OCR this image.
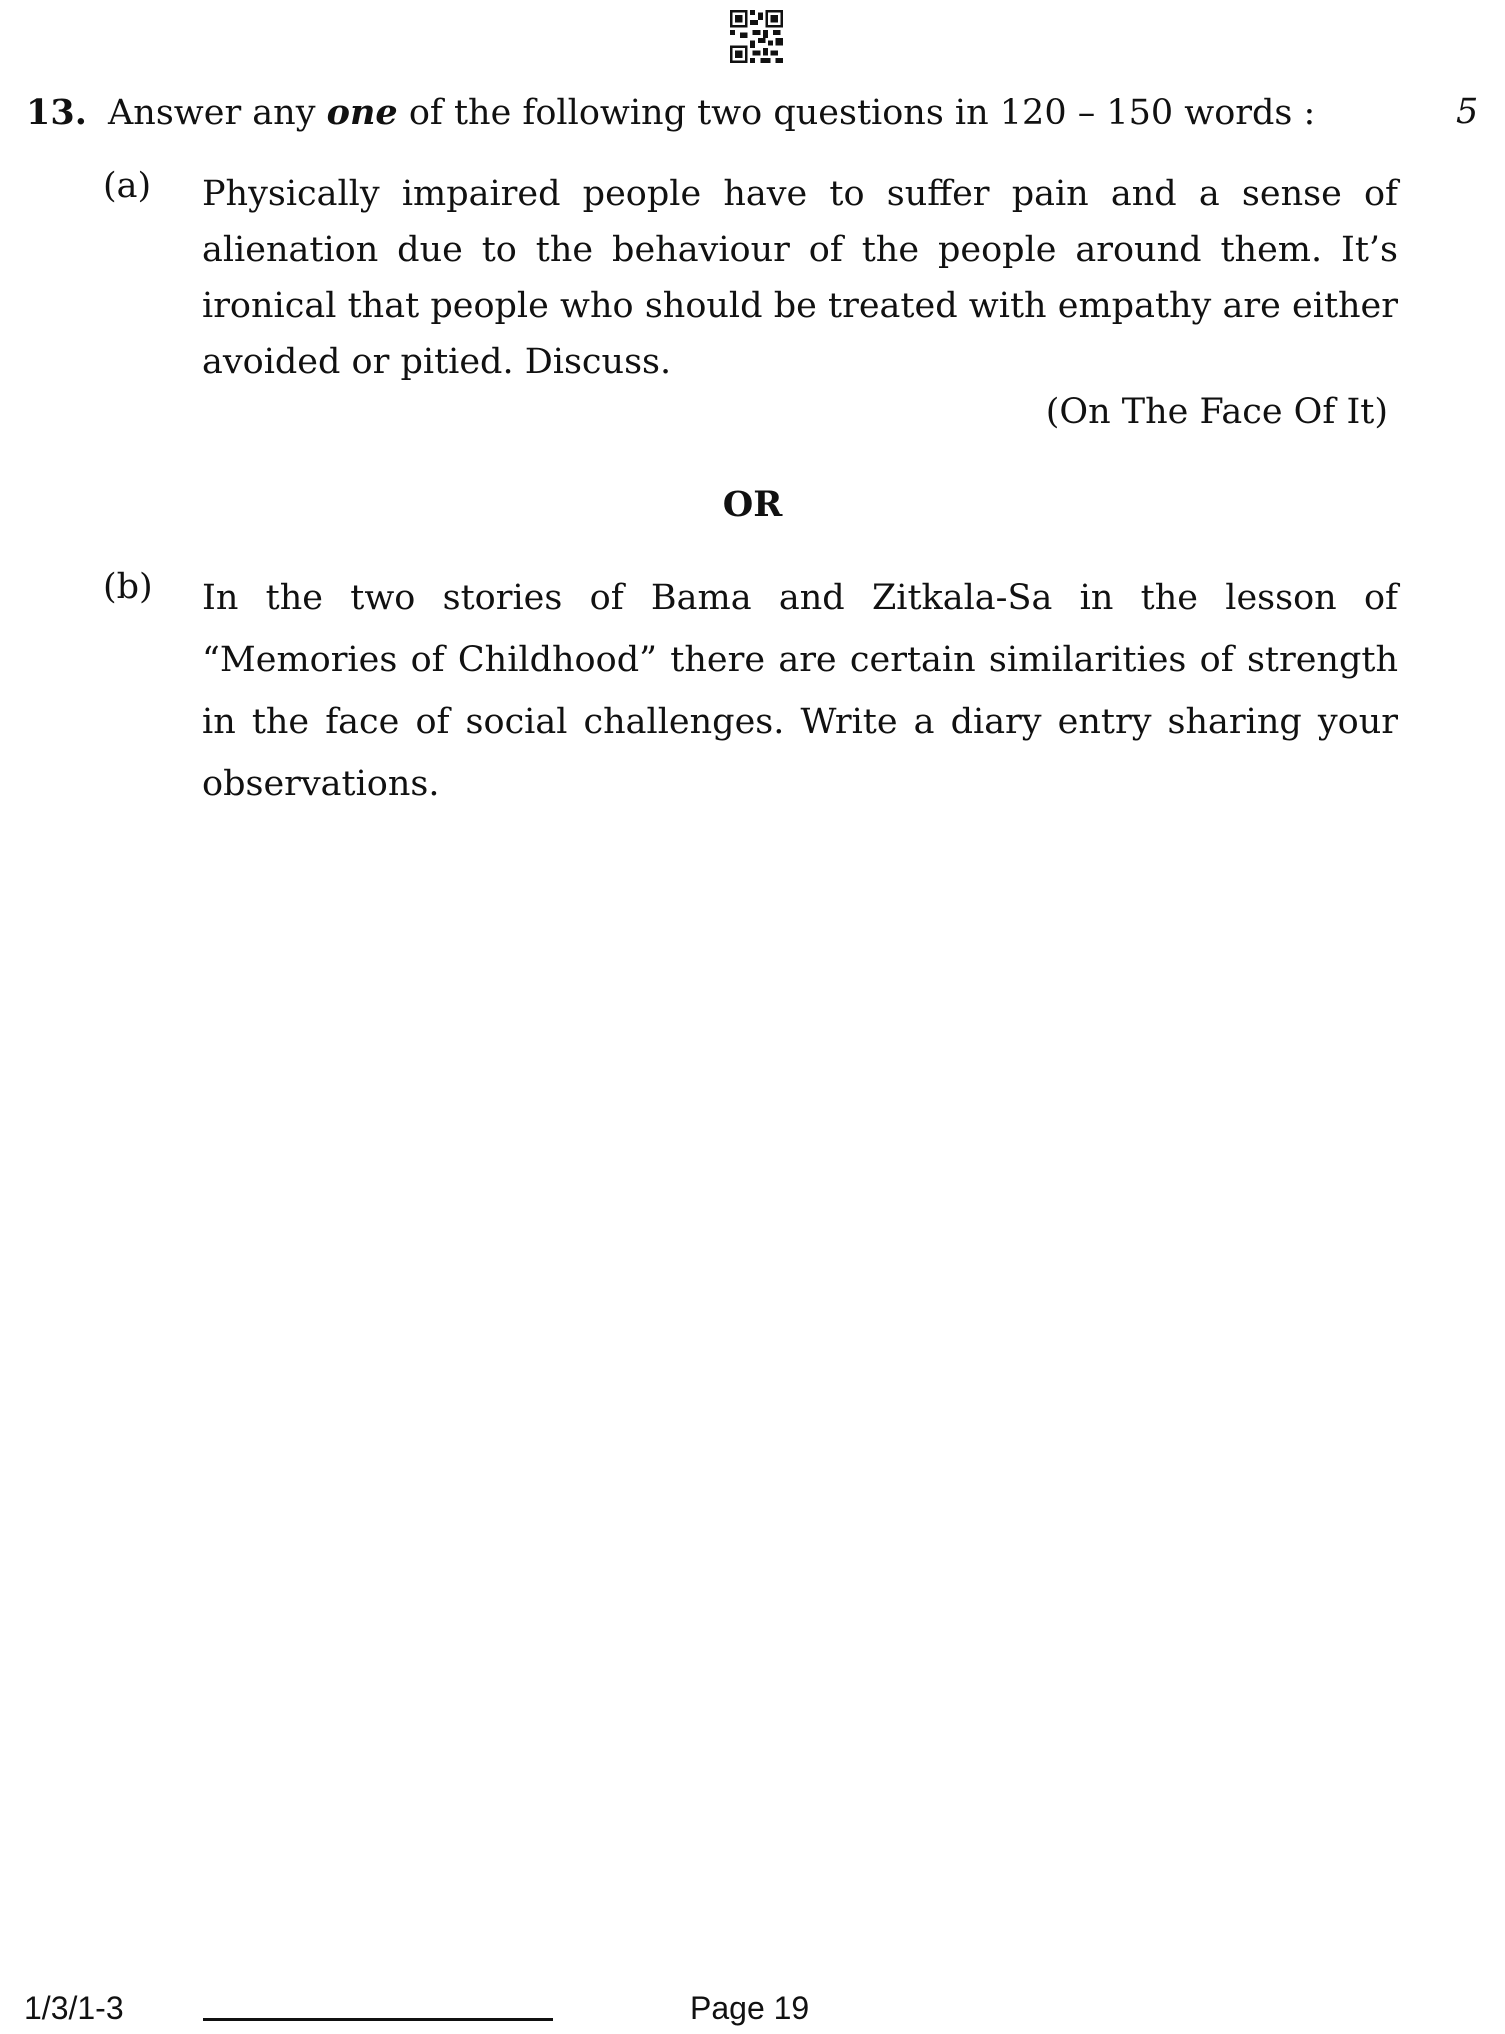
13. Answer any one of the following two questions in 120 – 150 words :	5
(a) Physically impaired people have to suffer pain and a sense of alienation due to the behaviour of the people around them. It’s ironical that people who should be treated with empathy are either avoided or pitied. Discuss.

(On The Face Of It)
OR
(b) In the two stories of Bama and Zitkala-Sa in the lesson of “Memories of Childhood” there are certain similarities of strength in the face of social challenges. Write a diary entry sharing your observations.

1/3/1-3	Page 19
